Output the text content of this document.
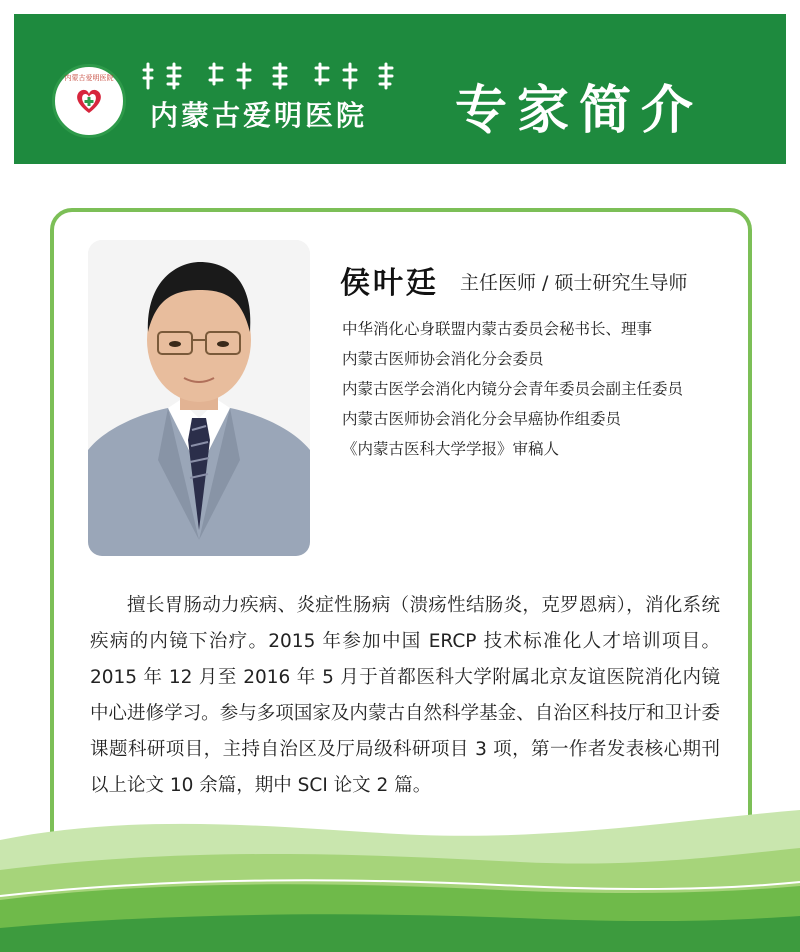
内蒙古爱明医院
内蒙古爱明医院 专家简介
侯叶廷 主任医师 / 硕士研究生导师
中华消化心身联盟内蒙古委员会秘书长、理事
内蒙古医师协会消化分会委员
内蒙古医学会消化内镜分会青年委员会副主任委员
内蒙古医师协会消化分会早癌协作组委员
《内蒙古医科大学学报》审稿人

擅长胃肠动力疾病、炎症性肠病（溃疡性结肠炎，克罗恩病），消化系统疾病的内镜下治疗。2015 年参加中国 ERCP 技术标准化人才培训项目。2015 年 12 月至 2016 年 5 月于首都医科大学附属北京友谊医院消化内镜中心进修学习。参与多项国家及内蒙古自然科学基金、自治区科技厅和卫计委课题科研项目，主持自治区及厅局级科研项目 3 项，第一作者发表核心期刊以上论文 10 余篇，期中 SCI 论文 2 篇。
